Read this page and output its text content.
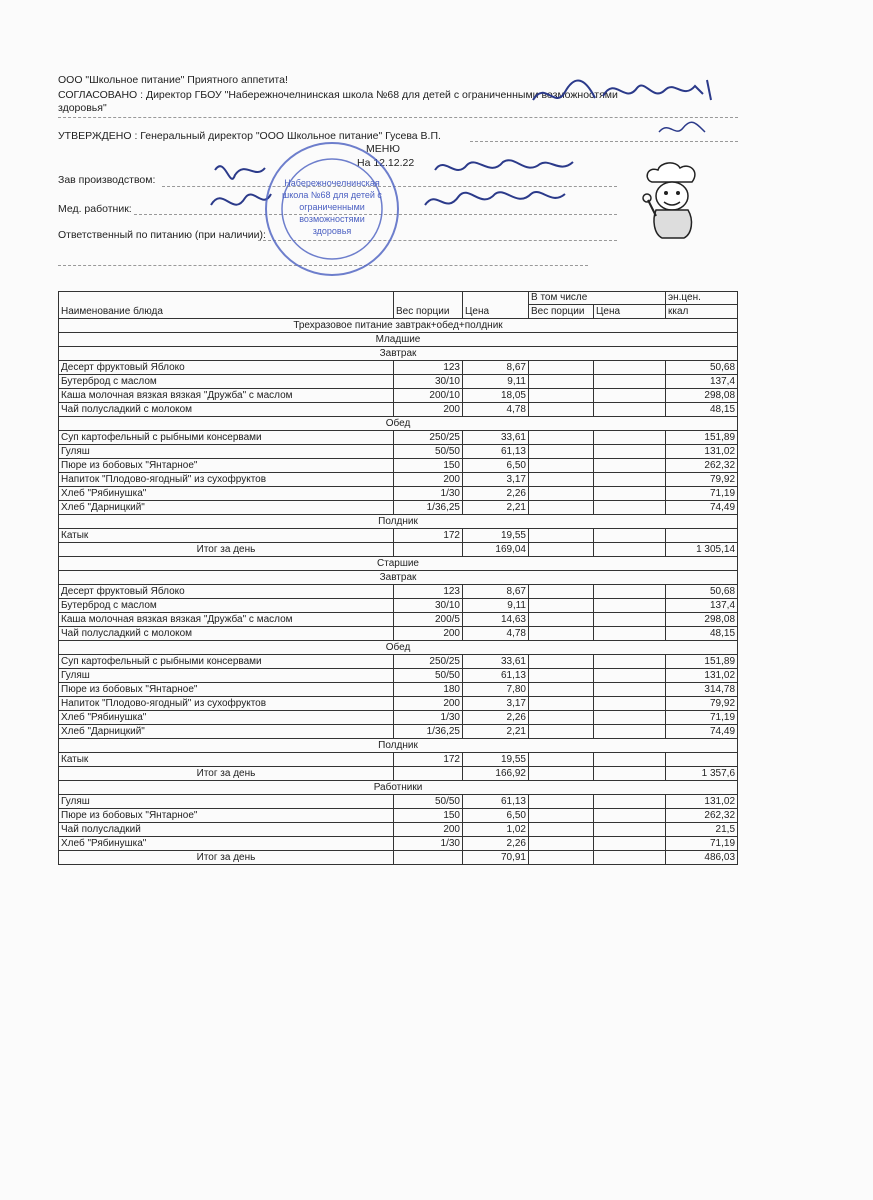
ООО "Школьное питание" Приятного аппетита!
СОГЛАСОВАНО : Директор ГБОУ "Набережночелнинская школа №68 для детей с ограниченными возможностями
здоровья"
УТВЕРЖДЕНО : Генеральный директор "ООО Школьное питание" Гусева В.П.
МЕНЮ
На 12.12.22
Зав производством:
Мед. работник:
Ответственный по питанию (при наличии):
Набережночелнинская
школа №68 для детей с
ограниченными
возможностями
здоровья
Наименование блюда	Вес порции	Цена	В том числе		эн.цен.
			Вес порции	Цена	ккал
Трехразовое питание завтрак+обед+полдник					
Младшие					
Завтрак					
Десерт фруктовый Яблоко	123	8,67			50,68
Бутерброд с маслом	30/10	9,11			137,4
Каша молочная вязкая вязкая "Дружба" с маслом	200/10	18,05			298,08
Чай полусладкий с молоком	200	4,78			48,15
Обед					
Суп картофельный с рыбными консервами	250/25	33,61			151,89
Гуляш	50/50	61,13			131,02
Пюре из бобовых "Янтарное"	150	6,50			262,32
Напиток "Плодово-ягодный" из сухофруктов	200	3,17			79,92
Хлеб "Рябинушка"	1/30	2,26			71,19
Хлеб "Дарницкий"	1/36,25	2,21			74,49
Полдник					
Катык	172	19,55			
Итог за день		169,04			1 305,14
Старшие					
Завтрак					
Десерт фруктовый Яблоко	123	8,67			50,68
Бутерброд с маслом	30/10	9,11			137,4
Каша молочная вязкая вязкая "Дружба" с маслом	200/5	14,63			298,08
Чай полусладкий с молоком	200	4,78			48,15
Обед					
Суп картофельный с рыбными консервами	250/25	33,61			151,89
Гуляш	50/50	61,13			131,02
Пюре из бобовых "Янтарное"	180	7,80			314,78
Напиток "Плодово-ягодный" из сухофруктов	200	3,17			79,92
Хлеб "Рябинушка"	1/30	2,26			71,19
Хлеб "Дарницкий"	1/36,25	2,21			74,49
Полдник					
Катык	172	19,55			
Итог за день		166,92			1 357,6
Работники					
Гуляш	50/50	61,13			131,02
Пюре из бобовых "Янтарное"	150	6,50			262,32
Чай полусладкий	200	1,02			21,5
Хлеб "Рябинушка"	1/30	2,26			71,19
Итог за день		70,91			486,03
